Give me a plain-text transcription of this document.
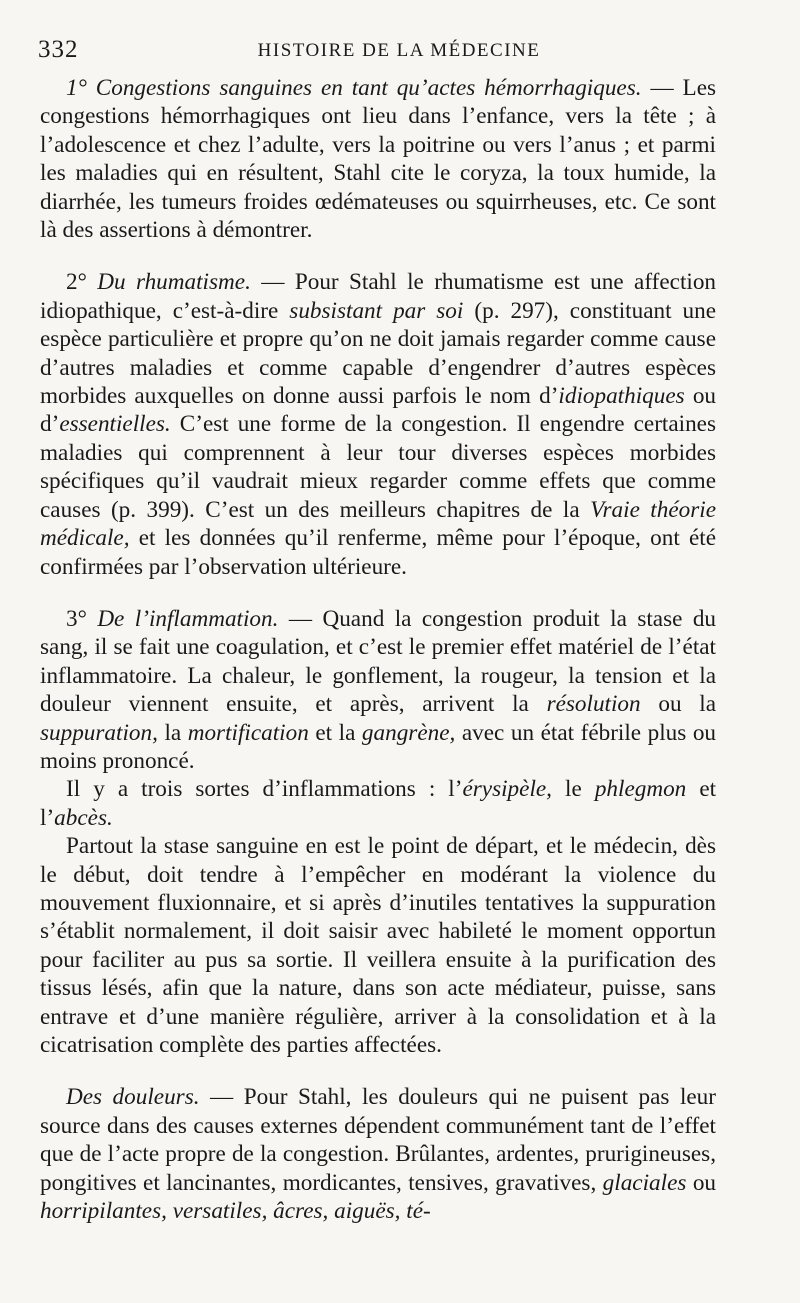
332	HISTOIRE DE LA MÉDECINE

1° Congestions sanguines en tant qu’actes hémorrhagiques. — Les congestions hémorrhagiques ont lieu dans l’enfance, vers la tête ; à l’adolescence et chez l’adulte, vers la poitrine ou vers l’anus ; et parmi les maladies qui en résultent, Stahl cite le coryza, la toux humide, la diarrhée, les tumeurs froides œdémateuses ou squirrheuses, etc. Ce sont là des assertions à démontrer.

2° Du rhumatisme. — Pour Stahl le rhumatisme est une affection idiopathique, c’est-à-dire subsistant par soi (p. 297), constituant une espèce particulière et propre qu’on ne doit jamais regarder comme cause d’autres maladies et comme capable d’engendrer d’autres espèces morbides auxquelles on donne aussi parfois le nom d’idiopathiques ou d’essentielles. C’est une forme de la congestion. Il engendre certaines maladies qui comprennent à leur tour diverses espèces morbides spécifiques qu’il vaudrait mieux regarder comme effets que comme causes (p. 399). C’est un des meilleurs chapitres de la Vraie théorie médicale, et les données qu’il renferme, même pour l’époque, ont été confirmées par l’observation ultérieure.

3° De l’inflammation. — Quand la congestion produit la stase du sang, il se fait une coagulation, et c’est le premier effet matériel de l’état inflammatoire. La chaleur, le gonflement, la rougeur, la tension et la douleur viennent ensuite, et après, arrivent la résolution ou la suppuration, la mortification et la gangrène, avec un état fébrile plus ou moins prononcé.

Il y a trois sortes d’inflammations : l’érysipèle, le phlegmon et l’abcès.

Partout la stase sanguine en est le point de départ, et le médecin, dès le début, doit tendre à l’empêcher en modérant la violence du mouvement fluxionnaire, et si après d’inutiles tentatives la suppuration s’établit normalement, il doit saisir avec habileté le moment opportun pour faciliter au pus sa sortie. Il veillera ensuite à la purification des tissus lésés, afin que la nature, dans son acte médiateur, puisse, sans entrave et d’une manière régulière, arriver à la consolidation et à la cicatrisation complète des parties affectées.

Des douleurs. — Pour Stahl, les douleurs qui ne puisent pas leur source dans des causes externes dépendent communément tant de l’effet que de l’acte propre de la congestion. Brûlantes, ardentes, prurigineuses, pongitives et lancinantes, mordicantes, tensives, gravatives, glaciales ou horripilantes, versatiles, âcres, aiguës, té-
